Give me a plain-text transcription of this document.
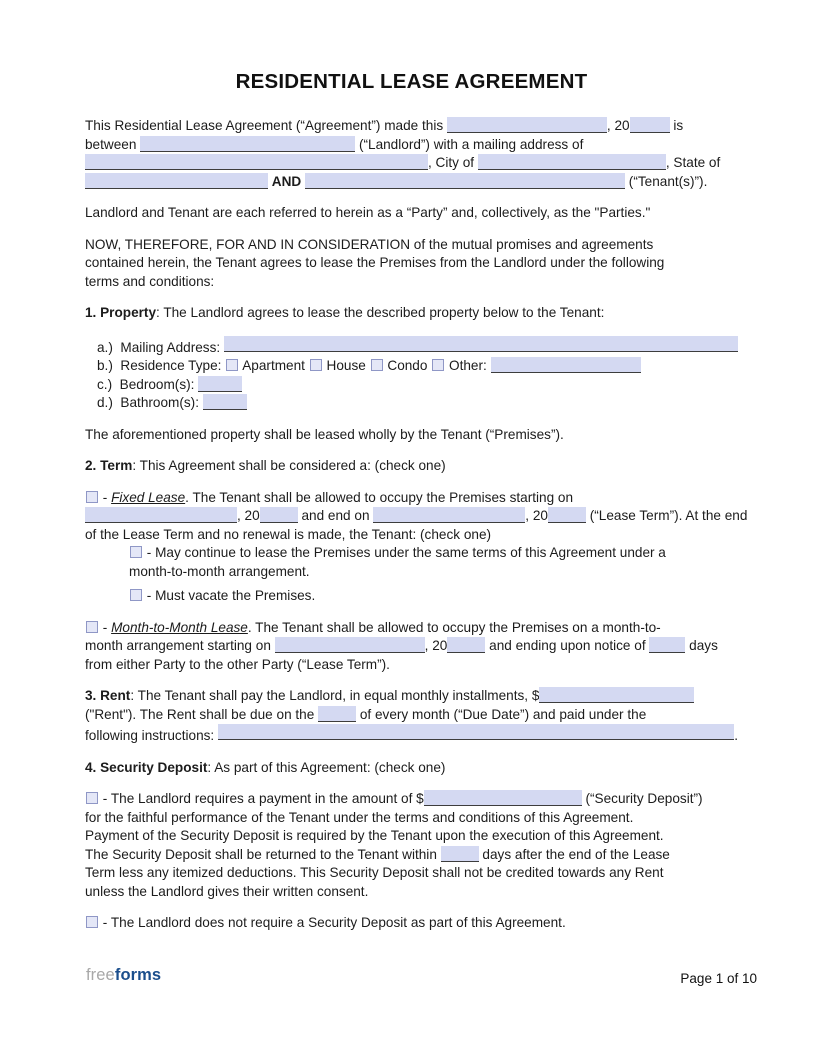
RESIDENTIAL LEASE AGREEMENT
This Residential Lease Agreement (“Agreement”) made this	, 20	is
between	(“Landlord”) with a mailing address of
, City of	, State of
AND	(“Tenant(s)”).
Landlord and Tenant are each referred to herein as a “Party” and, collectively, as the "Parties."
NOW, THEREFORE, FOR AND IN CONSIDERATION of the mutual promises and agreements
contained herein, the Tenant agrees to lease the Premises from the Landlord under the following
terms and conditions:
1. Property: The Landlord agrees to lease the described property below to the Tenant:
a.)  Mailing Address:
b.)  Residence Type:  Apartment  House  Condo  Other:
c.)  Bedroom(s):
d.)  Bathroom(s):
The aforementioned property shall be leased wholly by the Tenant (“Premises”).
2. Term: This Agreement shall be considered a: (check one)
- Fixed Lease. The Tenant shall be allowed to occupy the Premises starting on
, 20	and end on	, 20	(“Lease Term”). At the end
of the Lease Term and no renewal is made, the Tenant: (check one)
- May continue to lease the Premises under the same terms of this Agreement under a
month-to-month arrangement.
- Must vacate the Premises.
- Month-to-Month Lease. The Tenant shall be allowed to occupy the Premises on a month-to-
month arrangement starting on	, 20	and ending upon notice of	days
from either Party to the other Party (“Lease Term”).
3. Rent: The Tenant shall pay the Landlord, in equal monthly installments, $
("Rent"). The Rent shall be due on the	of every month (“Due Date”) and paid under the
following instructions:	.
4. Security Deposit: As part of this Agreement: (check one)
- The Landlord requires a payment in the amount of $	(“Security Deposit”)
for the faithful performance of the Tenant under the terms and conditions of this Agreement.
Payment of the Security Deposit is required by the Tenant upon the execution of this Agreement.
The Security Deposit shall be returned to the Tenant within	days after the end of the Lease
Term less any itemized deductions. This Security Deposit shall not be credited towards any Rent
unless the Landlord gives their written consent.
- The Landlord does not require a Security Deposit as part of this Agreement.
freeforms	Page 1 of 10
